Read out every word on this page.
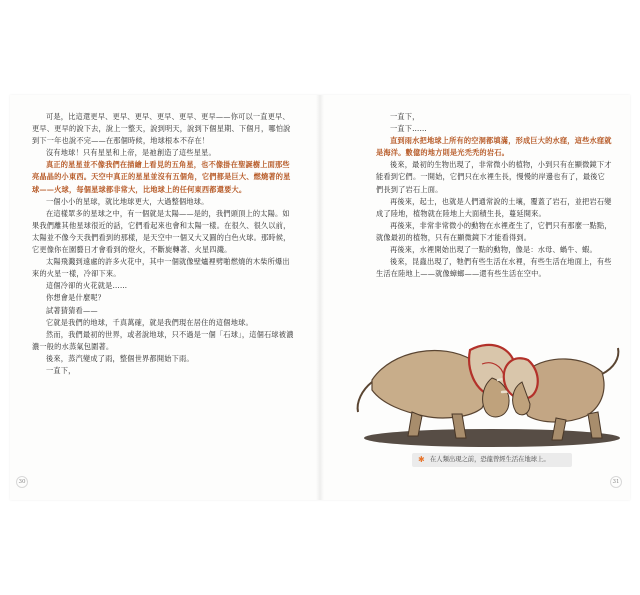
可是，比這還更早、更早、更早、更早、更早、更早——你可以一直更早、更早、更早的說下去，說上一整天，說到明天，說到下個星期、下個月，哪怕說到下一年也說不完——在那個時候，地球根本不存在！

沒有地球！只有星星和上帝，是祂創造了這些星星。

真正的星星並不像我們在描繪上看見的五角星，也不像掛在聖誕樹上面那些亮晶晶的小東西。天空中真正的星星並沒有五個角，它們都是巨大、燃燒著的星球——火球，每個星球都非常大，比地球上的任何東西都還要大。

一個小小的星球，就比地球更大，大過整個地球。

在這樣眾多的星球之中，有一個就是太陽——是的，我們頭頂上的太陽。如果我們離其他星球很近的話，它們看起來也會和太陽一樣。在很久、很久以前，太陽並不像今天我們看到的那樣，是天空中一個又大又圓的白色火球。那時候，它更像你在園藝日才會看到的燈火，不斷旋轉著、火星四濺。

太陽飛濺到遠處的許多火花中，其中一個就像壁爐裡劈啪燃燒的木柴所爆出來的火星一樣，冷卻下來。

這個冷卻的火花就是……

你想會是什麼呢？

試著猜猜看——

它就是我們的地球，千真萬確，就是我們現在居住的這個地球。

然而，我們最初的世界，或者說地球，只不過是一個「石球」，這個石球被濃濃一般的水蒸氣包圍著。

後來，蒸汽變成了雨，整個世界都開始下雨。

一直下，

30

一直下，

一直下……

直到雨水把地球上所有的空洞都填滿，形成巨大的水窪，這些水窪就是海洋。數億的地方則是光禿禿的岩石。

後來，最初的生物出現了，非常微小的植物，小到只有在顯微鏡下才能看到它們。一開始，它們只在水裡生長，慢慢的岸邊也有了，最後它們長到了岩石上面。

再後來，起士，也就是人們通常說的土壤，覆蓋了岩石，並把岩石變成了陸地，植物就在陸地上大面積生長，蔓延開來。

再後來，非常非常微小的動物在水裡產生了，它們只有那麼一點點，就像最初的植物，只有在顯微鏡下才能看得到。

再後來，水裡開始出現了一點的動物，像是：水母、蝸牛、蝦。

後來，昆蟲出現了，牠們有些生活在水裡，有些生活在地面上，有些生活在陸地上——就像蟑螂——還有些生活在空中。

✱ 在人類出現之前，恐龍曾經生活在地球上。
31
